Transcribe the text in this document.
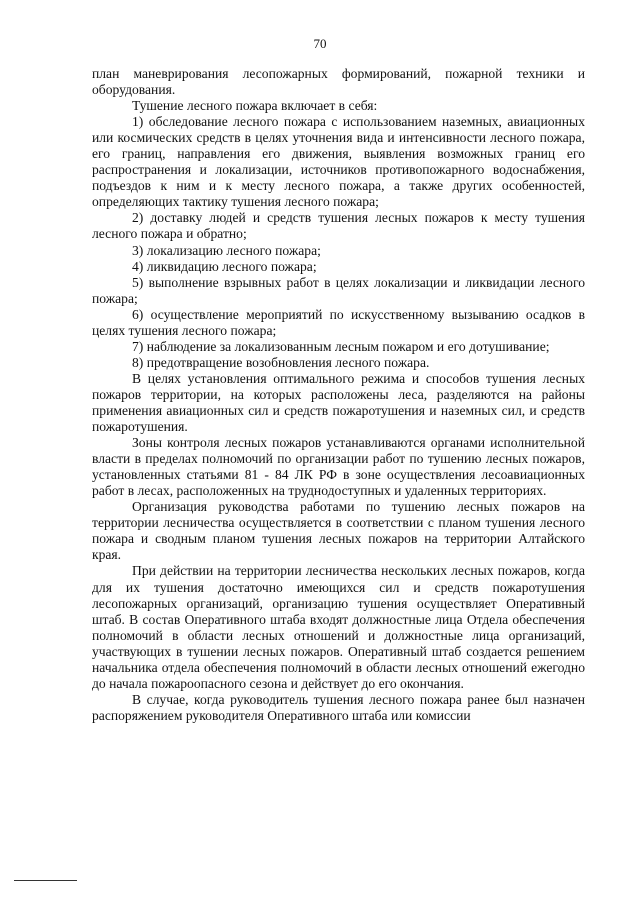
70

план маневрирования лесопожарных формирований, пожарной техники и оборудования.

Тушение лесного пожара включает в себя:

1) обследование лесного пожара с использованием наземных, авиационных или космических средств в целях уточнения вида и интенсивности лесного пожара, его границ, направления его движения, выявления возможных границ его распространения и локализации, источников противопожарного водоснабжения, подъездов к ним и к месту лесного пожара, а также других особенностей, определяющих тактику тушения лесного пожара;

2) доставку людей и средств тушения лесных пожаров к месту тушения лесного пожара и обратно;

3) локализацию лесного пожара;

4) ликвидацию лесного пожара;

5) выполнение взрывных работ в целях локализации и ликвидации лесного пожара;

6) осуществление мероприятий по искусственному вызыванию осадков в целях тушения лесного пожара;

7) наблюдение за локализованным лесным пожаром и его дотушивание;

8) предотвращение возобновления лесного пожара.

В целях установления оптимального режима и способов тушения лесных пожаров территории, на которых расположены леса, разделяются на районы применения авиационных сил и средств пожаротушения и наземных сил, и средств пожаротушения.

Зоны контроля лесных пожаров устанавливаются органами исполнительной власти в пределах полномочий по организации работ по тушению лесных пожаров, установленных статьями 81 - 84 ЛК РФ в зоне осуществления лесоавиационных работ в лесах, расположенных на труднодоступных и удаленных территориях.

Организация руководства работами по тушению лесных пожаров на территории лесничества осуществляется в соответствии с планом тушения лесного пожара и сводным планом тушения лесных пожаров на территории Алтайского края.

При действии на территории лесничества нескольких лесных пожаров, когда для их тушения достаточно имеющихся сил и средств пожаротушения лесопожарных организаций, организацию тушения осуществляет Оперативный штаб. В состав Оперативного штаба входят должностные лица Отдела обеспечения полномочий в области лесных отношений и должностные лица организаций, участвующих в тушении лесных пожаров. Оперативный штаб создается решением начальника отдела обеспечения полномочий в области лесных отношений ежегодно до начала пожароопасного сезона и действует до его окончания.

В случае, когда руководитель тушения лесного пожара ранее был назначен распоряжением руководителя Оперативного штаба или комиссии
